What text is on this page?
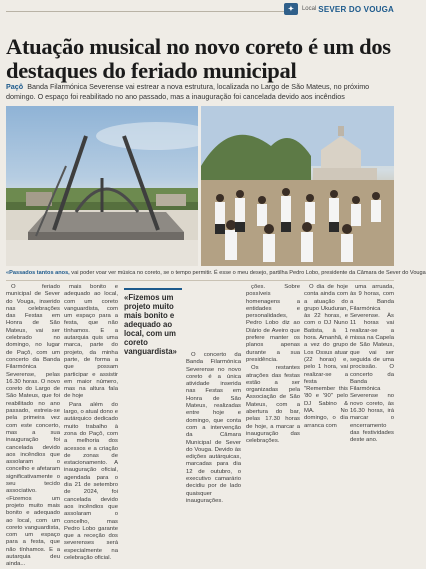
✦	Local SEVER DO VOUGA
Atuação musical no novo coreto é um dos destaques do feriado municipal
Paçô Banda Filarmónica Severense vai estrear a nova estrutura, localizada no Largo de São Mateus, no próximo domingo. O espaço foi reabilitado no ano passado, mas a inauguração foi cancelada devido aos incêndios
«Passados tantos anos, vai poder voar ver música no coreto, se o tempo permitir. É esse o meu desejo, partilha Pedro Lobo, presidente da Câmara de Sever do Vouga

O feriado municipal de Sever do Vouga, inserido nas celebrações das Festas em Honra de São Mateus, vai ser celebrado no domingo, no lugar de Paçô, com um concerto da Banda Filarmónica Severense, pelas 16.30 horas. O novo coreto do Largo de São Mateus, que foi reabilitado no ano passado, estreia-se pela primeira vez com este concerto, mas a sua inauguração foi cancelada devido aos incêndios que assolaram o concelho e afetaram significativamente o seu tecido associativo. «Fizemos um projeto muito mais bonito e adequado ao local, com um coreto vanguardista, com um espaço para a festa, que não tínhamos. E a autarquia deu ainda...

mais bonito e adequado ao local, com um coreto vanguardista, com um espaço para a festa, que não tínhamos. E a autarquia quis uma marca, parte do projeto, da minha parte, de forma a que possam participar e assistir em maior número, mas na altura fala de hoje

Para além do largo, o atual dono e autárquico dedicado muito trabalho à zona do Paçô, com a melhoria dos acessos e a criação de zonas de estacionamento. A inauguração oficial, agendada para o dia 21 de setembro de 2024, foi cancelada devido aos incêndios que assolaram o concelho, mas Pedro Lobo garante que a receção dos severenses será especialmente na celebração oficial.

«Fizemos um projeto muito mais bonito e adequado ao local, com um coreto vanguardista»	O concerto da Banda Filarmónica Severense no novo coreto é a única atividade inserida nas Festas em Honra de São Mateus, realizadas entre hoje e domingo, que conta com a intervenção da Câmara Municipal de Sever do Vouga. Devido às edições autárquicas, marcadas para dia 12 de outubro, o executivo camarário decidiu por de lado quaisquer inaugurações.

ções. Sobre possíveis homenagens a entidades e personalidades, Pedro Lobo diz ao Diário de Aveiro que prefere manter os planos apenas durante a sua presidência.

Os restantes atrações das festas estão a ser organizadas pela Associação de São Mateus, com a abertura do bar, pelas 17.30 horas de hoje, a marcar a inauguração das celebrações.

O dia de hoje conta ainda com a atuação do grupo Ukuduran, às 22 horas, e com o DJ Nuno Batista, à 1 hora. Amanhã, é a vez do grupo Los Ossus atuar (22 horas) e, pelo 1 hora, vai realizar-se a festa "Remember this '80 e '90" pelo DJ Sabino & MA. No domingo, o dia arranca com

uma arruada, às 9 horas, com a Banda Filarmónica Severense. Às 11 horas vai realizar-se a missa na Capela de São Mateus, que vai ser seguida de uma procissão. O concerto da Banda Filarmónica Severense no novo coreto, às 16.30 horas, irá marcar o encerramento das festividades deste ano.
